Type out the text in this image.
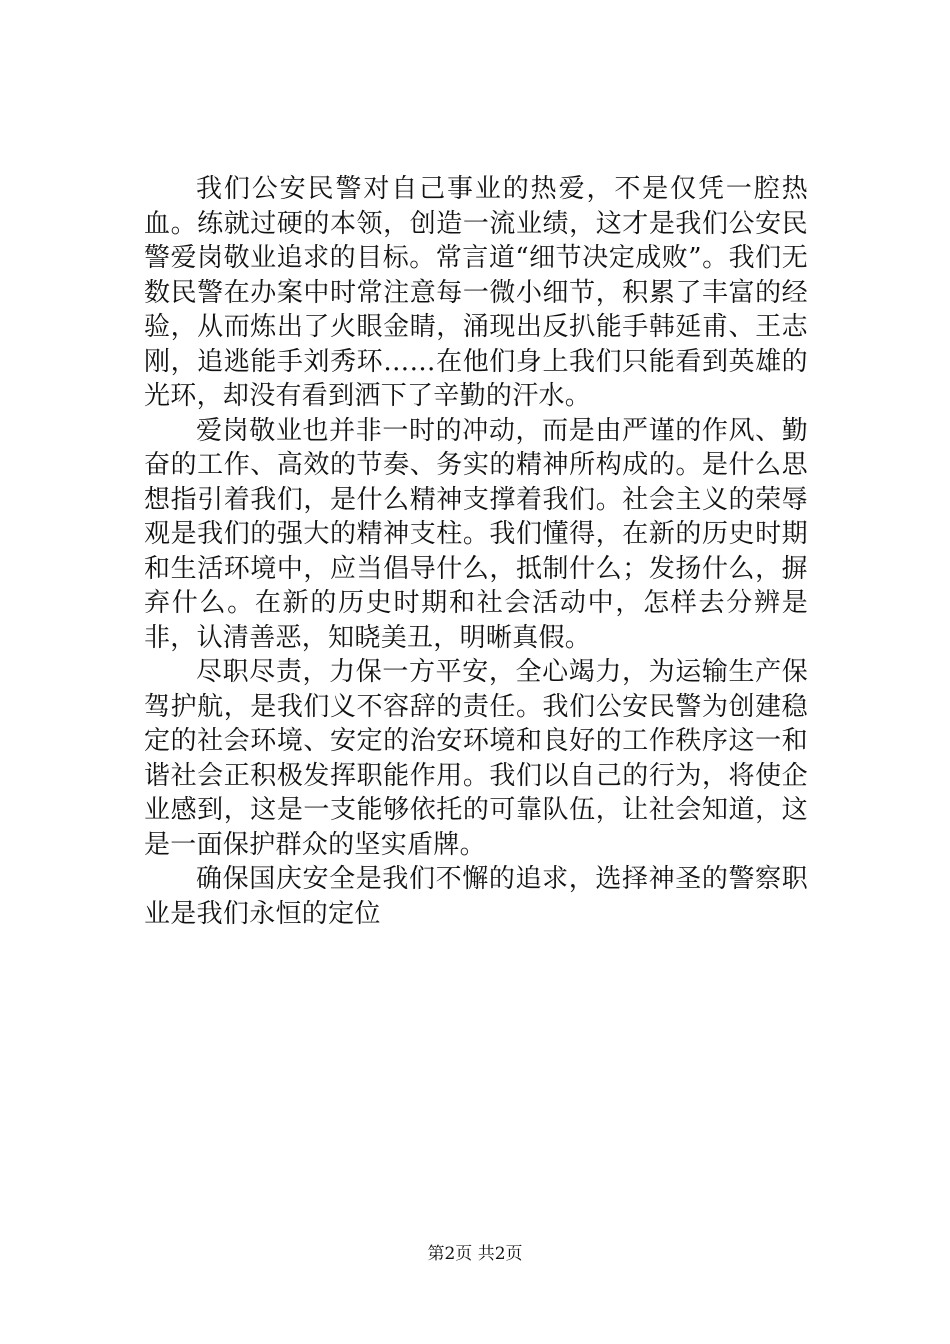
我们公安民警对自己事业的热爱，不是仅凭一腔热血。练就过硬的本领，创造一流业绩，这才是我们公安民警爱岗敬业追求的目标。常言道“细节决定成败”。我们无数民警在办案中时常注意每一微小细节，积累了丰富的经验，从而炼出了火眼金睛，涌现出反扒能手韩延甫、王志刚，追逃能手刘秀环……在他们身上我们只能看到英雄的光环，却没有看到洒下了辛勤的汗水。

爱岗敬业也并非一时的冲动，而是由严谨的作风、勤奋的工作、高效的节奏、务实的精神所构成的。是什么思想指引着我们，是什么精神支撑着我们。社会主义的荣辱观是我们的强大的精神支柱。我们懂得，在新的历史时期和生活环境中，应当倡导什么，抵制什么；发扬什么，摒弃什么。在新的历史时期和社会活动中，怎样去分辨是非，认清善恶，知晓美丑，明晰真假。

尽职尽责，力保一方平安，全心竭力，为运输生产保驾护航，是我们义不容辞的责任。我们公安民警为创建稳定的社会环境、安定的治安环境和良好的工作秩序这一和谐社会正积极发挥职能作用。我们以自己的行为，将使企业感到，这是一支能够依托的可靠队伍，让社会知道，这是一面保护群众的坚实盾牌。

确保国庆安全是我们不懈的追求，选择神圣的警察职业是我们永恒的定位

第2页 共2页
